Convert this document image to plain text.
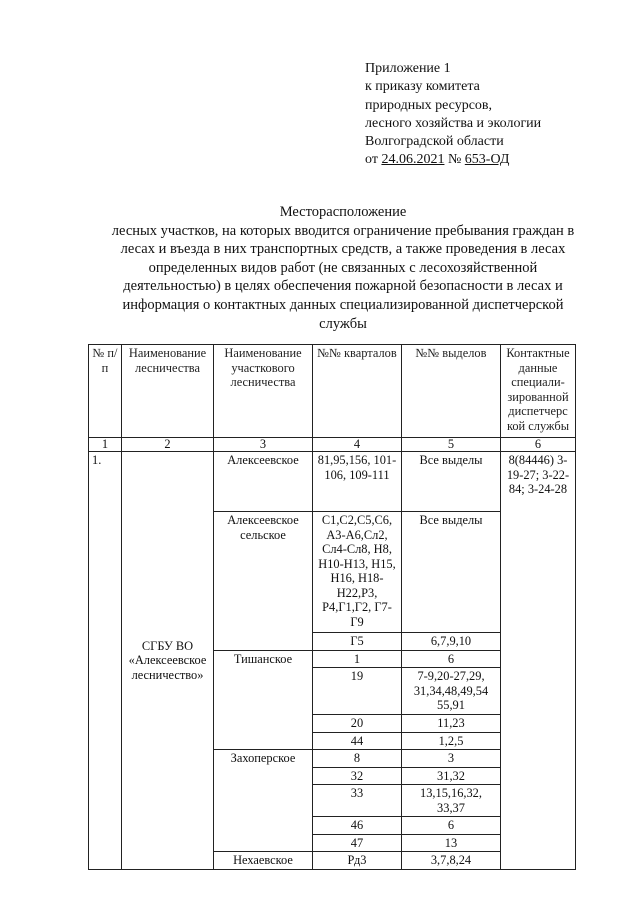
Приложение 1
к приказу комитета
природных ресурсов,
лесного хозяйства и экологии
Волгоградской области
от 24.06.2021 № 653-ОД
Месторасположение
лесных участков, на которых вводится ограничение пребывания граждан в
лесах и въезда в них транспортных средств, а также проведения в лесах
определенных видов работ (не связанных с лесохозяйственной
деятельностью) в целях обеспечения пожарной безопасности в лесах и
информация о контактных данных специализированной диспетчерской
службы
№ п/п	Наименование лесничества	Наименование участкового лесничества	№№ кварталов	№№ выделов	Контактные данные специали-зированной диспетчерс кой службы
1	2	3	4	5	6
1.	СГБУ ВО «Алексеевское лесничество»	Алексеевское	81,95,156, 101-106, 109-111	Все выделы	8(84446) 3-19-27; 3-22-84; 3-24-28
		Алексеевское сельское	С1,С2,С5,С6, А3-А6,Сл2, Сл4-Сл8, Н8, Н10-Н13, Н15, Н16, Н18-Н22,Р3, Р4,Г1,Г2, Г7-Г9	Все выделы	
			Г5	6,7,9,10	
		Тишанское	1	6	
			19	7-9,20-27,29, 31,34,48,49,54 55,91	
			20	11,23	
			44	1,2,5	
		Захоперское	8	3	
			32	31,32	
			33	13,15,16,32, 33,37	
			46	6	
			47	13	
		Нехаевское	Рд3	3,7,8,24	
